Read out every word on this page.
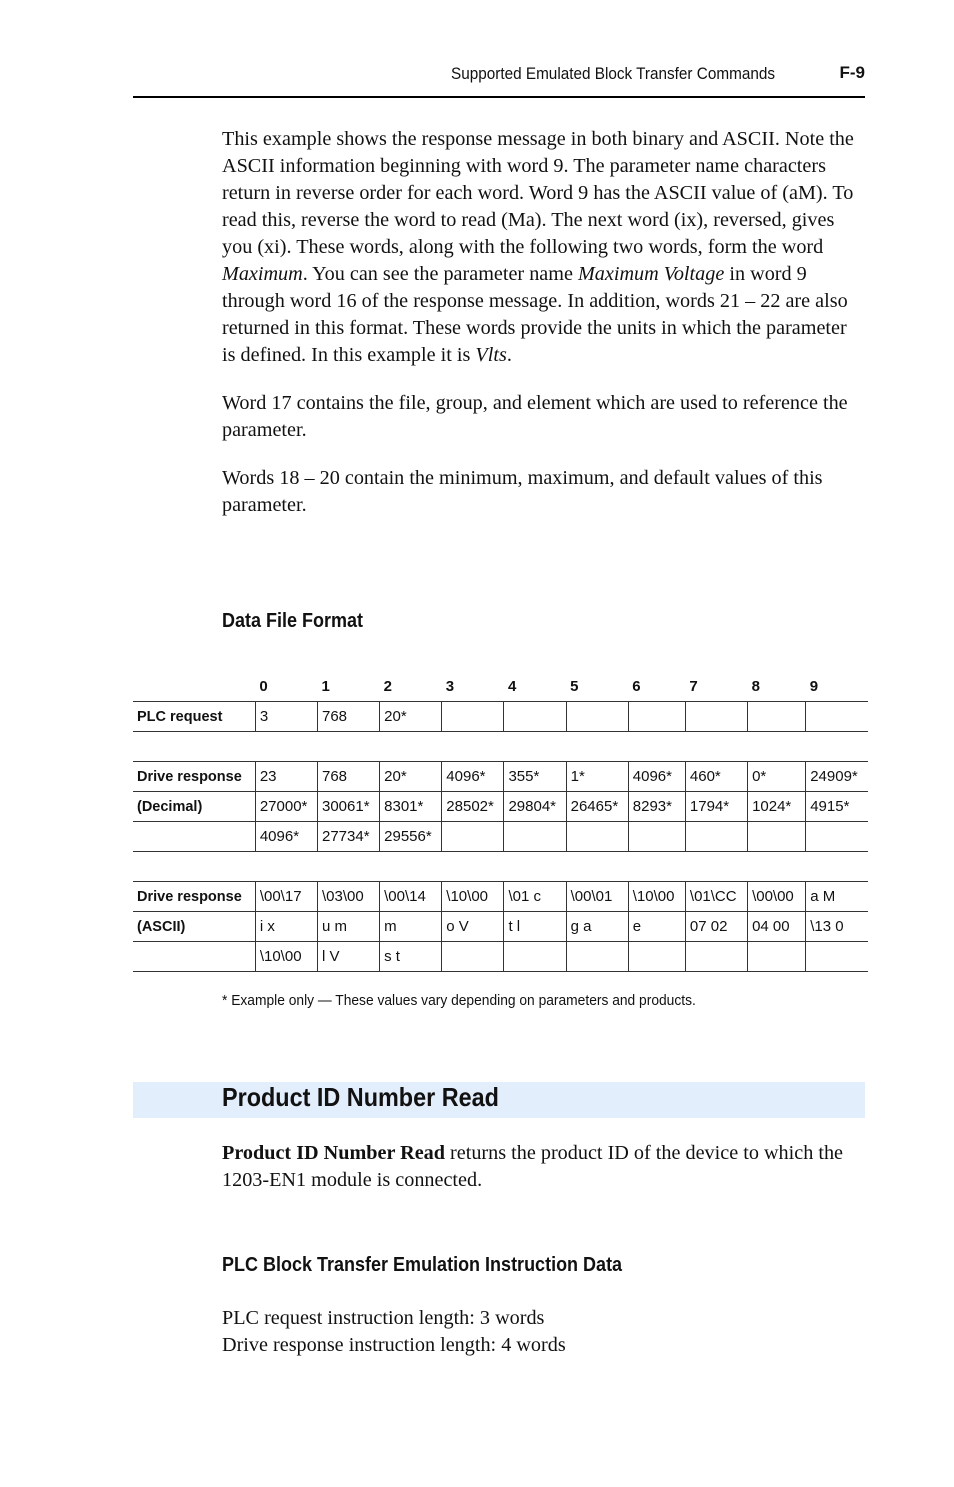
Supported Emulated Block Transfer Commands	F-9

This example shows the response message in both binary and ASCII. Note the ASCII information beginning with word 9. The parameter name characters return in reverse order for each word. Word 9 has the ASCII value of (aM). To read this, reverse the word to read (Ma). The next word (ix), reversed, gives you (xi). These words, along with the following two words, form the word Maximum. You can see the parameter name Maximum Voltage in word 9 through word 16 of the response message. In addition, words 21 – 22 are also returned in this format. These words provide the units in which the parameter is defined. In this example it is Vlts.

Word 17 contains the file, group, and element which are used to reference the parameter.

Words 18 – 20 contain the minimum, maximum, and default values of this parameter.

Data File Format
	0	1	2	3	4	5	6	7	8	9
PLC request	3	768	20*							

Drive response	23	768	20*	4096*	355*	1*	4096*	460*	0*	24909*
(Decimal)	27000*	30061*	8301*	28502*	29804*	26465*	8293*	1794*	1024*	4915*
	4096*	27734*	29556*							

Drive response	\00\17	\03\00	\00\14	\10\00	\01 c	\00\01	\10\00	\01\CC	\00\00	a M
(ASCII)	i x	u m	m	o V	t l	g a	e	07 02	04 00	\13 0
	\10\00	l V	s t							
* Example only — These values vary depending on parameters and products.
Product ID Number Read

Product ID Number Read returns the product ID of the device to which the 1203-EN1 module is connected.

PLC Block Transfer Emulation Instruction Data
PLC request instruction length: 3 words
Drive response instruction length: 4 words
